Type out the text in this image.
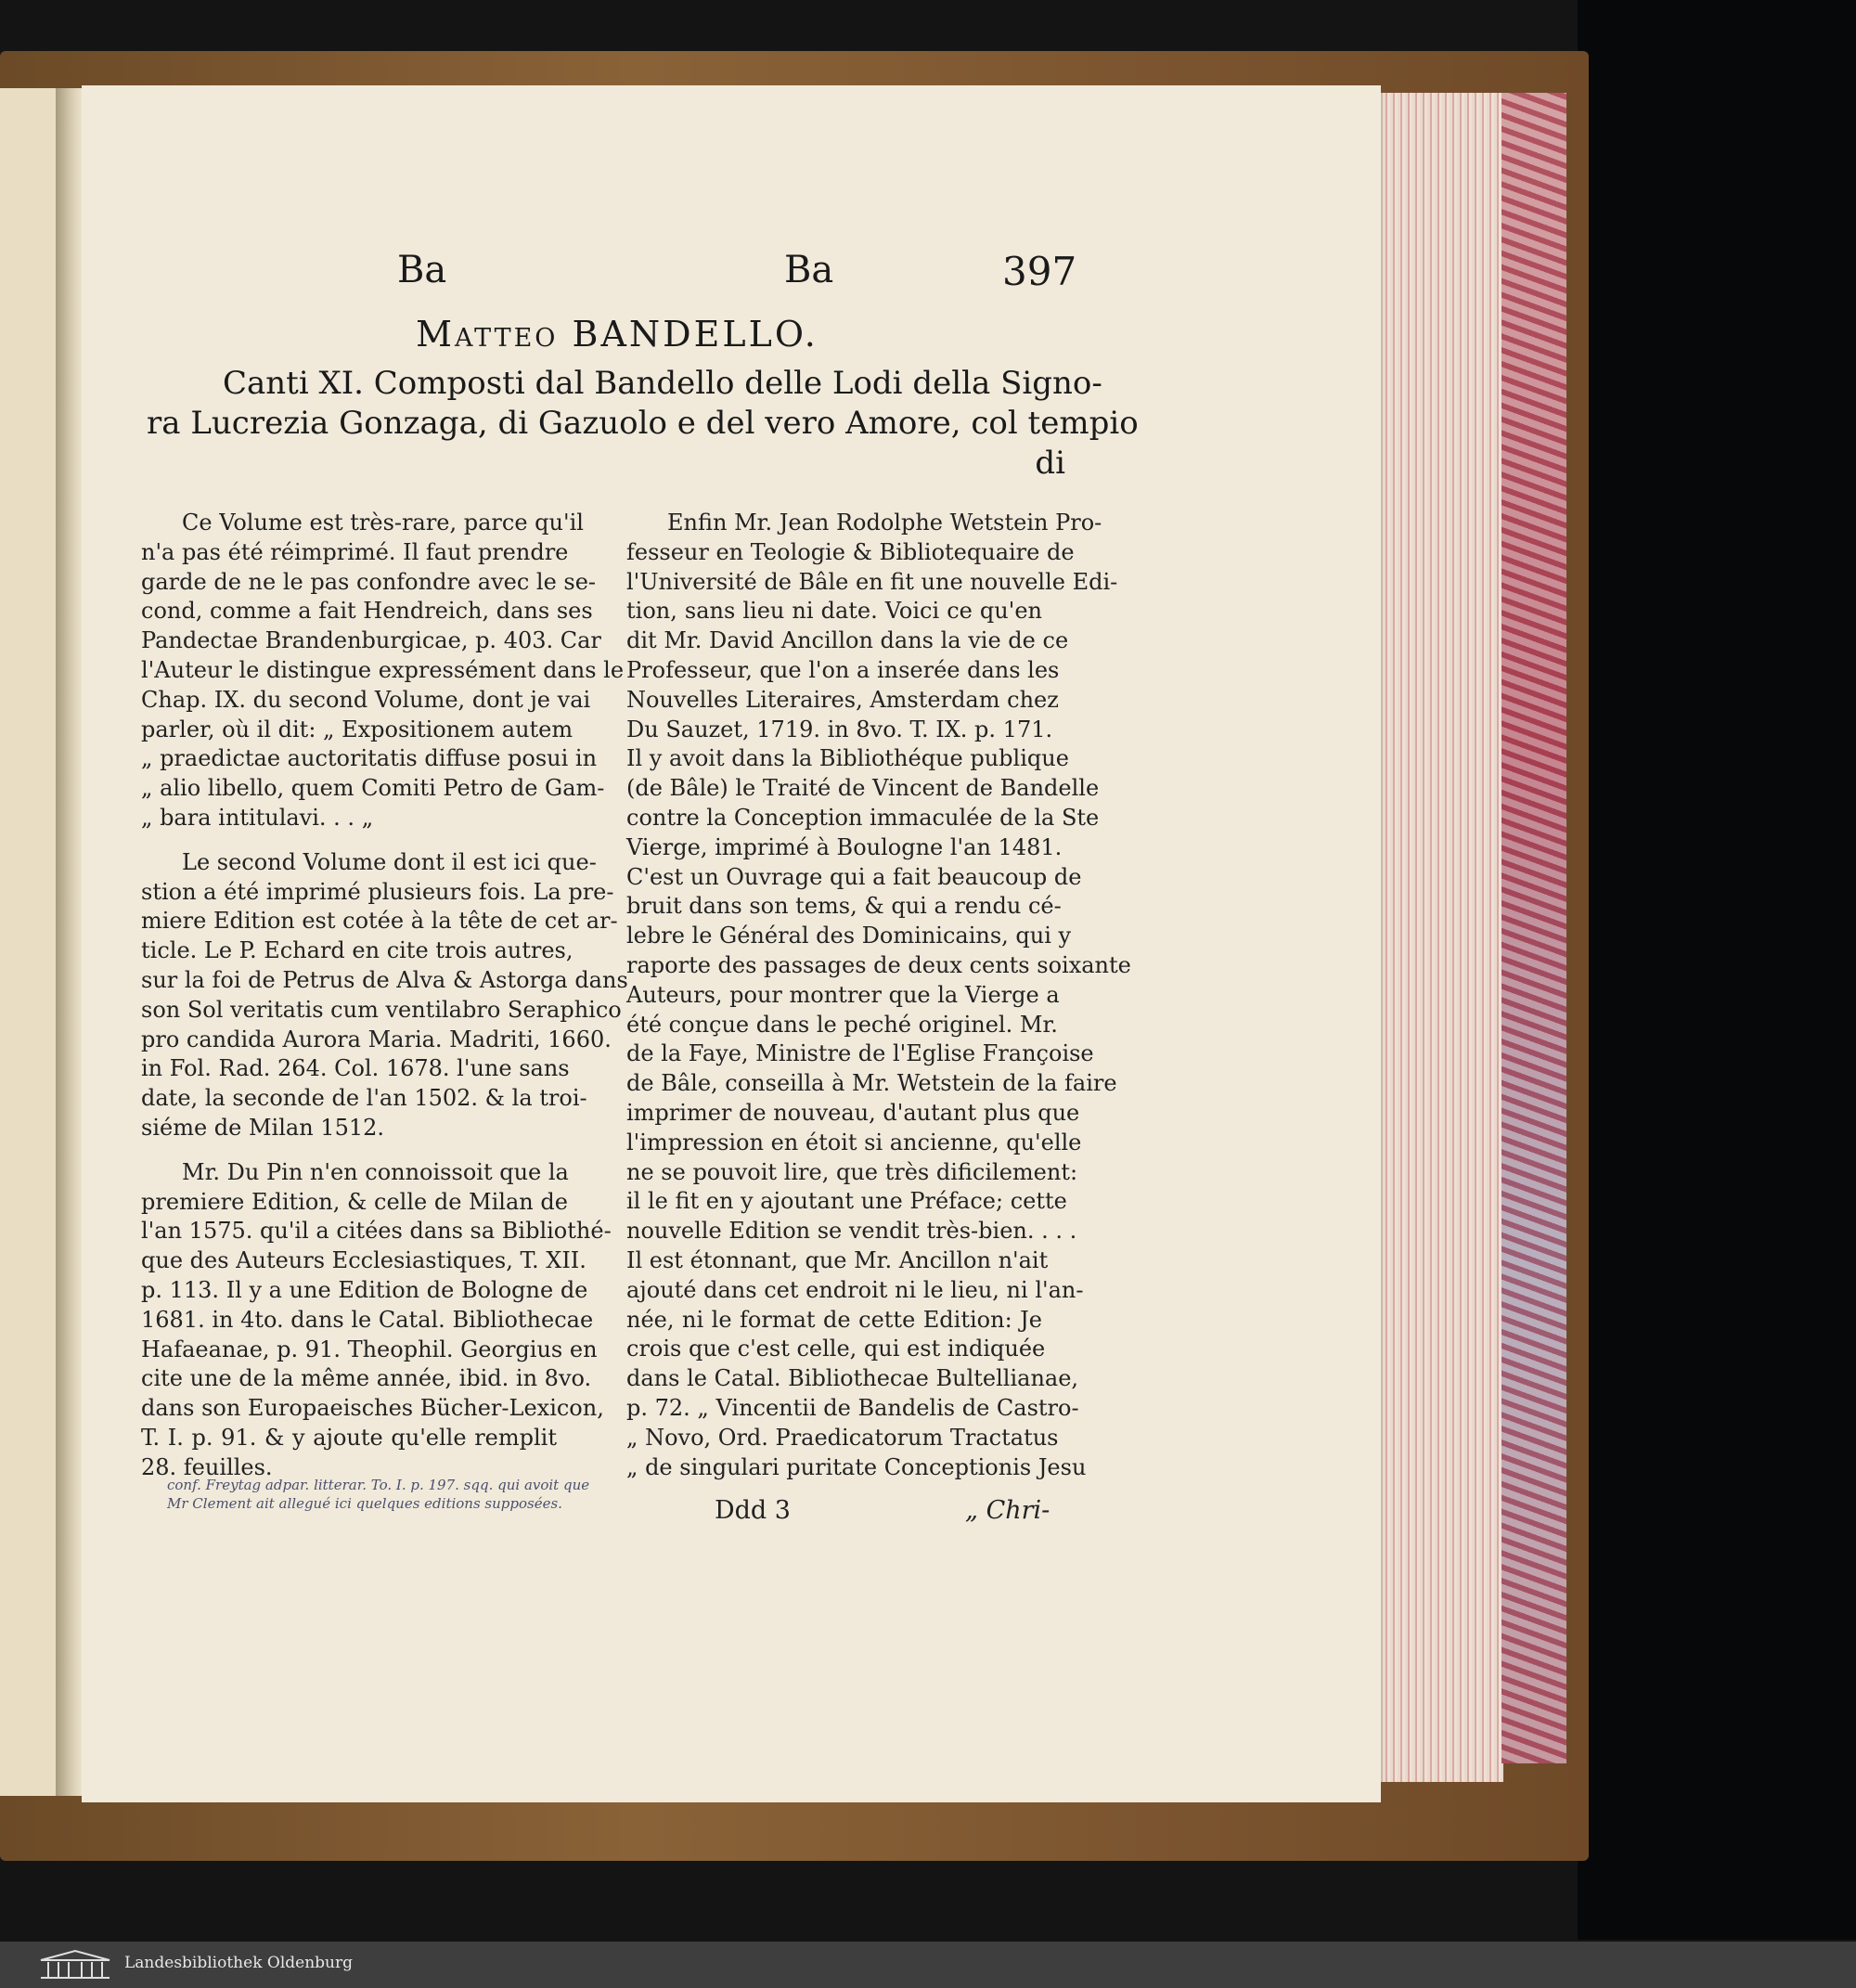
Ba	Ba	397
Matteo BANDELLO.
Canti XI. Composti dal Bandello delle Lodi della Signo-
ra Lucrezia Gonzaga, di Gazuolo e del vero Amore, col tempio
di
Ce Volume est très-rare, parce qu'il
n'a pas été réimprimé. Il faut prendre
garde de ne le pas confondre avec le se-
cond, comme a fait Hendreich, dans ses
Pandectae Brandenburgicae, p. 403. Car
l'Auteur le distingue expressément dans le
Chap. IX. du second Volume, dont je vai
parler, où il dit: „ Expositionem autem
„ praedictae auctoritatis diffuse posui in
„ alio libello, quem Comiti Petro de Gam-
„ bara intitulavi. . . „
Le second Volume dont il est ici que-
stion a été imprimé plusieurs fois. La pre-
miere Edition est cotée à la tête de cet ar-
ticle. Le P. Echard en cite trois autres,
sur la foi de Petrus de Alva & Astorga dans
son Sol veritatis cum ventilabro Seraphico
pro candida Aurora Maria. Madriti, 1660.
in Fol. Rad. 264. Col. 1678. l'une sans
date, la seconde de l'an 1502. & la troi-
siéme de Milan 1512.
Mr. Du Pin n'en connoissoit que la
premiere Edition, & celle de Milan de
l'an 1575. qu'il a citées dans sa Bibliothé-
que des Auteurs Ecclesiastiques, T. XII.
p. 113. Il y a une Edition de Bologne de
1681. in 4to. dans le Catal. Bibliothecae
Hafaeanae, p. 91. Theophil. Georgius en
cite une de la même année, ibid. in 8vo.
dans son Europaeisches Bücher-Lexicon,
T. I. p. 91. & y ajoute qu'elle remplit
28. feuilles.
Enfin Mr. Jean Rodolphe Wetstein Pro-
fesseur en Teologie & Bibliotequaire de
l'Université de Bâle en fit une nouvelle Edi-
tion, sans lieu ni date. Voici ce qu'en
dit Mr. David Ancillon dans la vie de ce
Professeur, que l'on a inserée dans les
Nouvelles Literaires, Amsterdam chez
Du Sauzet, 1719. in 8vo. T. IX. p. 171.
Il y avoit dans la Bibliothéque publique
(de Bâle) le Traité de Vincent de Bandelle
contre la Conception immaculée de la Ste
Vierge, imprimé à Boulogne l'an 1481.
C'est un Ouvrage qui a fait beaucoup de
bruit dans son tems, & qui a rendu cé-
lebre le Général des Dominicains, qui y
raporte des passages de deux cents soixante
Auteurs, pour montrer que la Vierge a
été conçue dans le peché originel. Mr.
de la Faye, Ministre de l'Eglise Françoise
de Bâle, conseilla à Mr. Wetstein de la faire
imprimer de nouveau, d'autant plus que
l'impression en étoit si ancienne, qu'elle
ne se pouvoit lire, que très dificilement:
il le fit en y ajoutant une Préface; cette
nouvelle Edition se vendit très-bien. . . .
Il est étonnant, que Mr. Ancillon n'ait
ajouté dans cet endroit ni le lieu, ni l'an-
née, ni le format de cette Edition: Je
crois que c'est celle, qui est indiquée
dans le Catal. Bibliothecae Bultellianae,
p. 72. „ Vincentii de Bandelis de Castro-
„ Novo, Ord. Praedicatorum Tractatus
„ de singulari puritate Conceptionis Jesu
conf. Freytag adpar. litterar. To. I. p. 197. sqq. qui avoit que Mr Clement ait allegué ici quelques editions supposées.	Ddd 3	„ Chri-
Landesbibliothek Oldenburg
